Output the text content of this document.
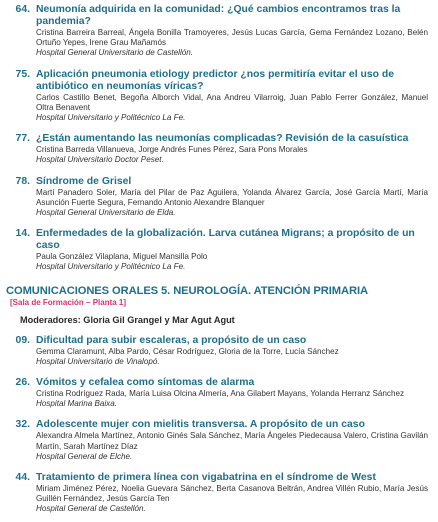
64. Neumonía adquirida en la comunidad: ¿Qué cambios encontramos tras la pandemia?
Cristina Barreira Barreal, Ángela Bonilla Tramoyeres, Jesús Lucas García, Gema Fernández Lozano, Belén Ortuño Yepes, Irene Grau Mañamós
Hospital General Universitario de Castellón.
75. Aplicación pneumonia etiology predictor ¿nos permitiría evitar el uso de antibiótico en neumonías víricas?
Carlos Castillo Benet, Begoña Alborch Vidal, Ana Andreu Vilarroig, Juan Pablo Ferrer González, Manuel Oltra Benavent
Hospital Universitario y Politécnico La Fe.
77. ¿Están aumentando las neumonías complicadas? Revisión de la casuística
Cristina Barreda Villanueva, Jorge Andrés Funes Pérez, Sara Pons Morales
Hospital Universitario Doctor Peset.
78. Síndrome de Grisel
Martí Panadero Soler, María del Pilar de Paz Aguilera, Yolanda Álvarez García, José García Martí, María Asunción Fuerte Segura, Fernando Antonio Alexandre Blanquer
Hospital General Universitario de Elda.
14. Enfermedades de la globalización. Larva cutánea Migrans; a propósito de un caso
Paula González Vilaplana, Miguel Mansilla Polo
Hospital Universitario y Politécnico La Fe.
COMUNICACIONES ORALES 5. NEUROLOGÍA. ATENCIÓN PRIMARIA
[Sala de Formación – Planta 1]
Moderadores: Gloria Gil Grangel y Mar Agut Agut
09. Dificultad para subir escaleras, a propósito de un caso
Gemma Claramunt, Alba Pardo, César Rodríguez, Gloria de la Torre, Lucía Sánchez
Hospital Universitario de Vinalopó.
26. Vómitos y cefalea como síntomas de alarma
Cristina Rodríguez Rada, María Luisa Olcina Almería, Ana Gilabert Mayans, Yolanda Herranz Sánchez
Hospital Marina Baixa.
32. Adolescente mujer con mielitis transversa. A propósito de un caso
Alexandra Almela Martínez, Antonio Ginés Sala Sánchez, María Ángeles Piedecausa Valero, Cristina Gavilán Martín, Sarah Martínez Díaz
Hospital General de Elche.
44. Tratamiento de primera línea con vigabatrina en el síndrome de West
Miriam Jiménez Pérez, Noelia Guevara Sánchez, Berta Casanova Beltrán, Andrea Villén Rubio, María Jesús Guillén Fernández, Jesús García Ten
Hospital General de Castellón.
